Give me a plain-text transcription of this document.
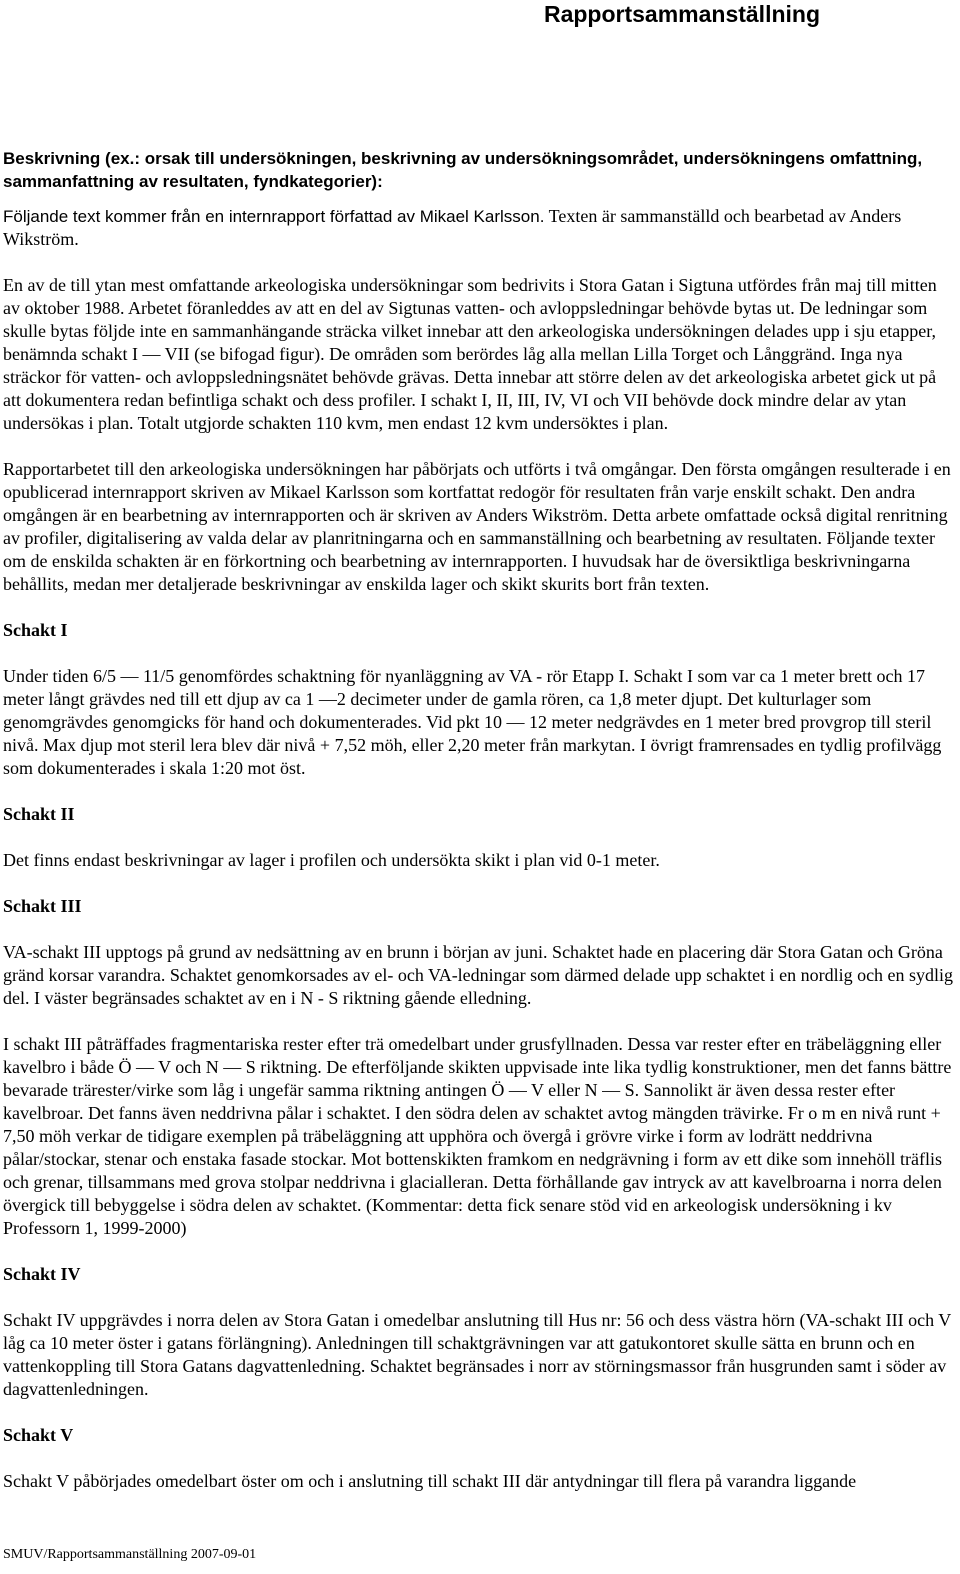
Rapportsammanställning

Beskrivning (ex.: orsak till undersökningen, beskrivning av undersökningsområdet, undersökningens omfattning, sammanfattning av resultaten, fyndkategorier):

Följande text kommer från en internrapport författad av Mikael Karlsson. Texten är sammanställd och bearbetad av Anders Wikström.

En av de till ytan mest omfattande arkeologiska undersökningar som bedrivits i Stora Gatan i Sigtuna utfördes från maj till mitten av oktober 1988. Arbetet föranleddes av att en del av Sigtunas vatten- och avloppsledningar behövde bytas ut. De ledningar som skulle bytas följde inte en sammanhängande sträcka vilket innebar att den arkeologiska undersökningen delades upp i sju etapper, benämnda schakt I — VII (se bifogad figur). De områden som berördes låg alla mellan Lilla Torget och Långgränd. Inga nya sträckor för vatten- och avloppsledningsnätet behövde grävas. Detta innebar att större delen av det arkeologiska arbetet gick ut på att dokumentera redan befintliga schakt och dess profiler. I schakt I, II, III, IV, VI och VII behövde dock mindre delar av ytan undersökas i plan. Totalt utgjorde schakten 110 kvm, men endast 12 kvm undersöktes i plan.

Rapportarbetet till den arkeologiska undersökningen har påbörjats och utförts i två omgångar. Den första omgången resulterade i en opublicerad internrapport skriven av Mikael Karlsson som kortfattat redogör för resultaten från varje enskilt schakt. Den andra omgången är en bearbetning av internrapporten och är skriven av Anders Wikström. Detta arbete omfattade också digital renritning av profiler, digitalisering av valda delar av planritningarna och en sammanställning och bearbetning av resultaten. Följande texter om de enskilda schakten är en förkortning och bearbetning av internrapporten. I huvudsak har de översiktliga beskrivningarna behållits, medan mer detaljerade beskrivningar av enskilda lager och skikt skurits bort från texten.

Schakt I

Under tiden 6/5 — 11/5 genomfördes schaktning för nyanläggning av VA - rör Etapp I. Schakt I som var ca 1 meter brett och 17 meter långt grävdes ned till ett djup av ca 1 —2 decimeter under de gamla rören, ca 1,8 meter djupt. Det kulturlager som genomgrävdes genomgicks för hand och dokumenterades. Vid pkt 10 — 12 meter nedgrävdes en 1 meter bred provgrop till steril nivå. Max djup mot steril lera blev där nivå + 7,52 möh, eller 2,20 meter från markytan. I övrigt framrensades en tydlig profilvägg som dokumenterades i skala 1:20 mot öst.

Schakt II

Det finns endast beskrivningar av lager i profilen och undersökta skikt i plan vid 0-1 meter.

Schakt III

VA-schakt III upptogs på grund av nedsättning av en brunn i början av juni. Schaktet hade en placering där Stora Gatan och Gröna gränd korsar varandra. Schaktet genomkorsades av el- och VA-ledningar som därmed delade upp schaktet i en nordlig och en sydlig del. I väster begränsades schaktet av en i N - S riktning gående elledning.

I schakt III påträffades fragmentariska rester efter trä omedelbart under grusfyllnaden. Dessa var rester efter en träbeläggning eller kavelbro i både Ö — V och N — S riktning. De efterföljande skikten uppvisade inte lika tydlig konstruktioner, men det fanns bättre bevarade trärester/virke som låg i ungefär samma riktning antingen Ö — V eller N — S. Sannolikt är även dessa rester efter kavelbroar. Det fanns även neddrivna pålar i schaktet. I den södra delen av schaktet avtog mängden trävirke. Fr o m en nivå runt + 7,50 möh verkar de tidigare exemplen på träbeläggning att upphöra och övergå i grövre virke i form av lodrätt neddrivna pålar/stockar, stenar och enstaka fasade stockar. Mot bottenskikten framkom en nedgrävning i form av ett dike som innehöll träflis och grenar, tillsammans med grova stolpar neddrivna i glacialleran. Detta förhållande gav intryck av att kavelbroarna i norra delen övergick till bebyggelse i södra delen av schaktet. (Kommentar: detta fick senare stöd vid en arkeologisk undersökning i kv Professorn 1, 1999-2000)

Schakt IV

Schakt IV uppgrävdes i norra delen av Stora Gatan i omedelbar anslutning till Hus nr: 56 och dess västra hörn (VA-schakt III och V låg ca 10 meter öster i gatans förlängning). Anledningen till schaktgrävningen var att gatukontoret skulle sätta en brunn och en vattenkoppling till Stora Gatans dagvattenledning. Schaktet begränsades i norr av störningsmassor från husgrunden samt i söder av dagvattenledningen.

Schakt V

Schakt V påbörjades omedelbart öster om och i anslutning till schakt III där antydningar till flera på varandra liggande

SMUV/Rapportsammanställning 2007-09-01
